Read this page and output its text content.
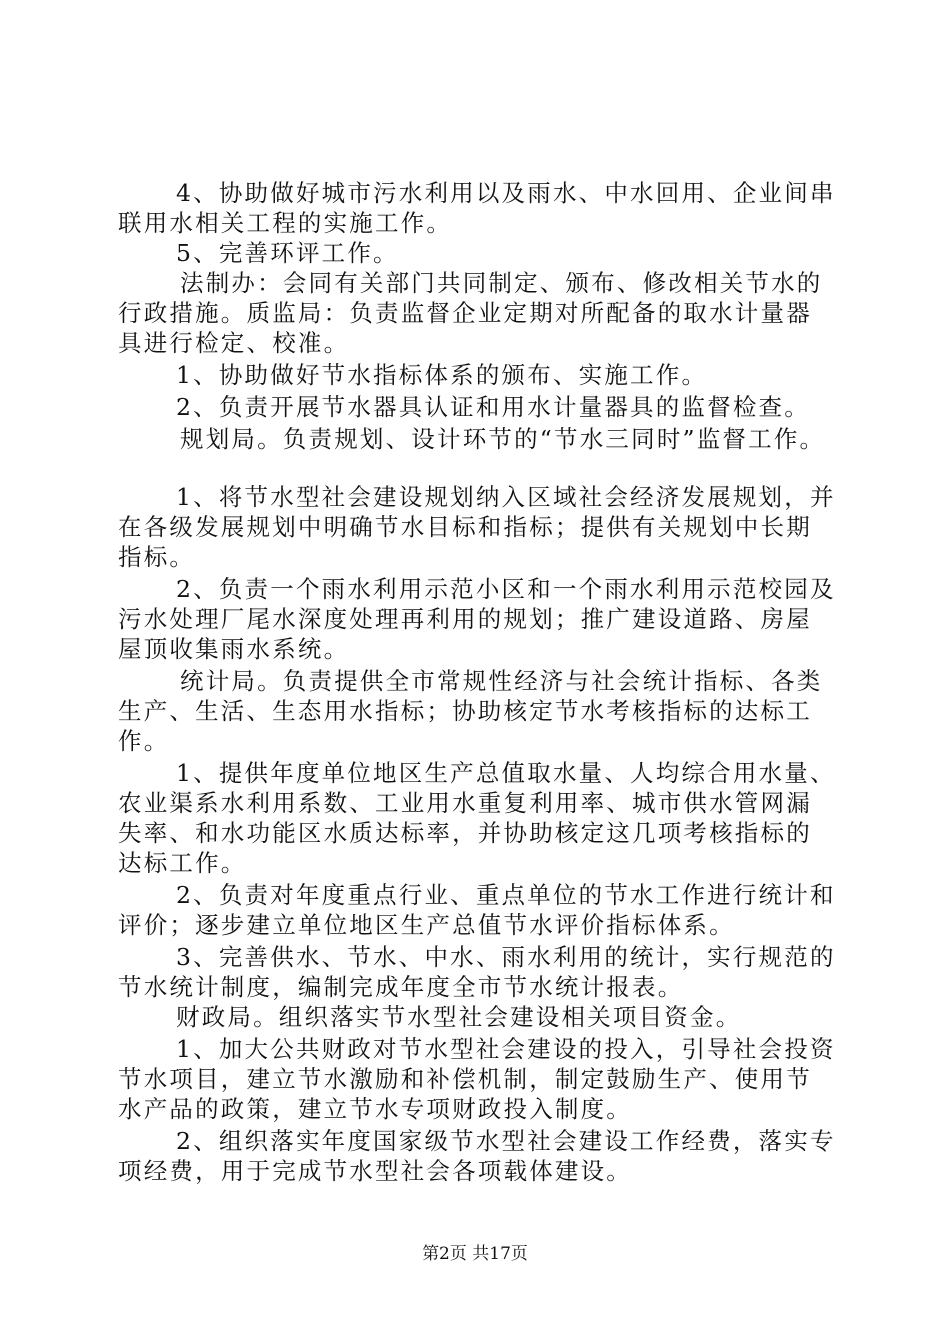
4、协助做好城市污水利用以及雨水、中水回用、企业间串
联用水相关工程的实施工作。
5、完善环评工作。
法制办：会同有关部门共同制定、颁布、修改相关节水的
行政措施。质监局：负责监督企业定期对所配备的取水计量器
具进行检定、校准。
1、协助做好节水指标体系的颁布、实施工作。
2、负责开展节水器具认证和用水计量器具的监督检查。
规划局。负责规划、设计环节的“节水三同时”监督工作。
1、将节水型社会建设规划纳入区域社会经济发展规划，并
在各级发展规划中明确节水目标和指标；提供有关规划中长期
指标。
2、负责一个雨水利用示范小区和一个雨水利用示范校园及
污水处理厂尾水深度处理再利用的规划；推广建设道路、房屋
屋顶收集雨水系统。
统计局。负责提供全市常规性经济与社会统计指标、各类
生产、生活、生态用水指标；协助核定节水考核指标的达标工
作。
1、提供年度单位地区生产总值取水量、人均综合用水量、
农业渠系水利用系数、工业用水重复利用率、城市供水管网漏
失率、和水功能区水质达标率，并协助核定这几项考核指标的
达标工作。
2、负责对年度重点行业、重点单位的节水工作进行统计和
评价；逐步建立单位地区生产总值节水评价指标体系。
3、完善供水、节水、中水、雨水利用的统计，实行规范的
节水统计制度，编制完成年度全市节水统计报表。
财政局。组织落实节水型社会建设相关项目资金。
1、加大公共财政对节水型社会建设的投入，引导社会投资
节水项目，建立节水激励和补偿机制，制定鼓励生产、使用节
水产品的政策，建立节水专项财政投入制度。
2、组织落实年度国家级节水型社会建设工作经费，落实专
项经费，用于完成节水型社会各项载体建设。
第2页 共17页
